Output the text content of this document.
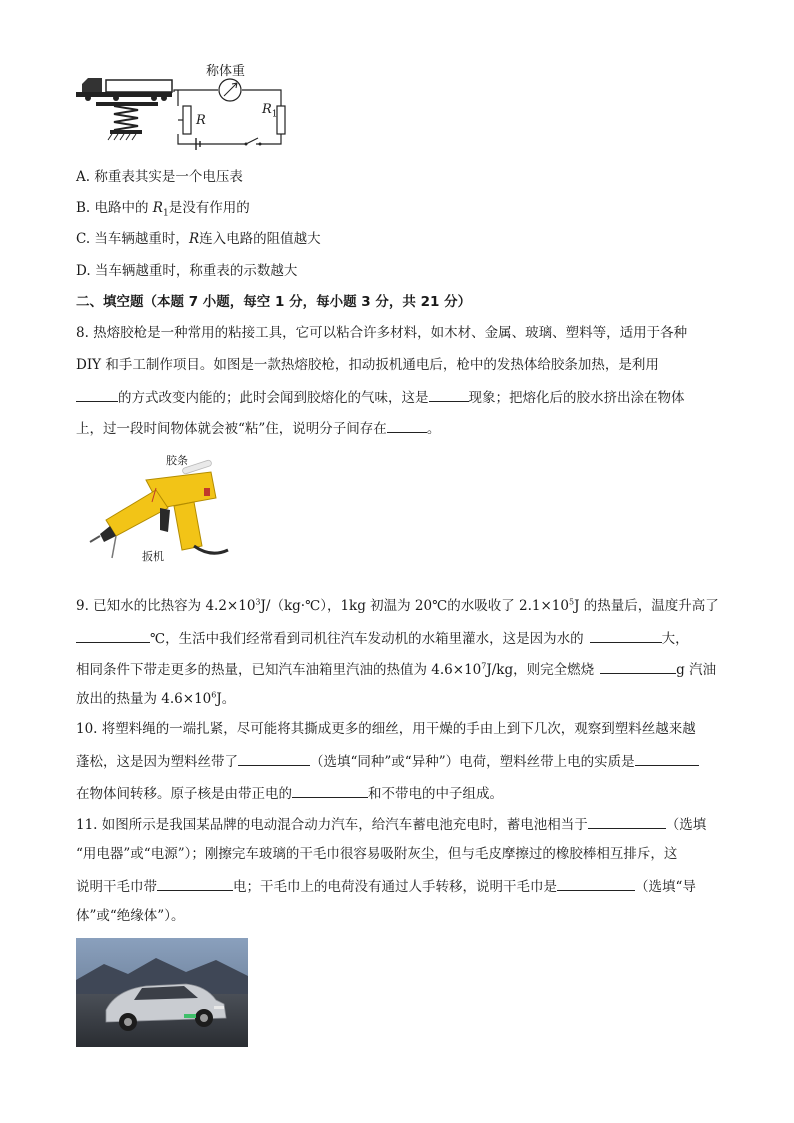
称体重
R
$R_1$
A. 称重表其实是一个电压表
B. 电路中的 $R_1$是没有作用的
C. 当车辆越重时，R连入电路的阻值越大
D. 当车辆越重时，称重表的示数越大
二、填空题（本题 7 小题，每空 1 分，每小题 3 分，共 21 分）
8. 热熔胶枪是一种常用的粘接工具，它可以粘合许多材料，如木材、金属、玻璃、塑料等，适用于各种
DIY 和手工制作项目。如图是一款热熔胶枪，扣动扳机通电后，枪中的发热体给胶条加热，是利用
的方式改变内能的；此时会闻到胶熔化的气味，这是	现象；把熔化后的胶水挤出涂在物体
上，过一段时间物体就会被“粘”住，说明分子间存在	。
胶条
扳机
9. 已知水的比热容为 $4.2\times 10^3J/(kg\cdot℃)$，1kg 初温为 20℃的水吸收了 $2.1\times 10^5J$ 的热量后，温度升高了
℃，生活中我们经常看到司机往汽车发动机的水箱里灌水，这是因为水的	大，
相同条件下带走更多的热量，已知汽车油箱里汽油的热值为 $4.6\times 10^7J/kg$，则完全燃烧	g 汽油
放出的热量为 $4.6\times 10^6J$。
10. 将塑料绳的一端扎紧，尽可能将其撕成更多的细丝，用干燥的手由上到下几次，观察到塑料丝越来越
蓬松，这是因为塑料丝带了	（选填“同种”或“异种”）电荷，塑料丝带上电的实质是
在物体间转移。原子核是由带正电的	和不带电的中子组成。
11. 如图所示是我国某品牌的电动混合动力汽车，给汽车蓄电池充电时，蓄电池相当于	（选填
“用电器”或“电源”）；刚擦完车玻璃的干毛巾很容易吸附灰尘，但与毛皮摩擦过的橡胶棒相互排斥，这
说明干毛巾带	电；干毛巾上的电荷没有通过人手转移，说明干毛巾是	（选填“导
体”或“绝缘体”）。
